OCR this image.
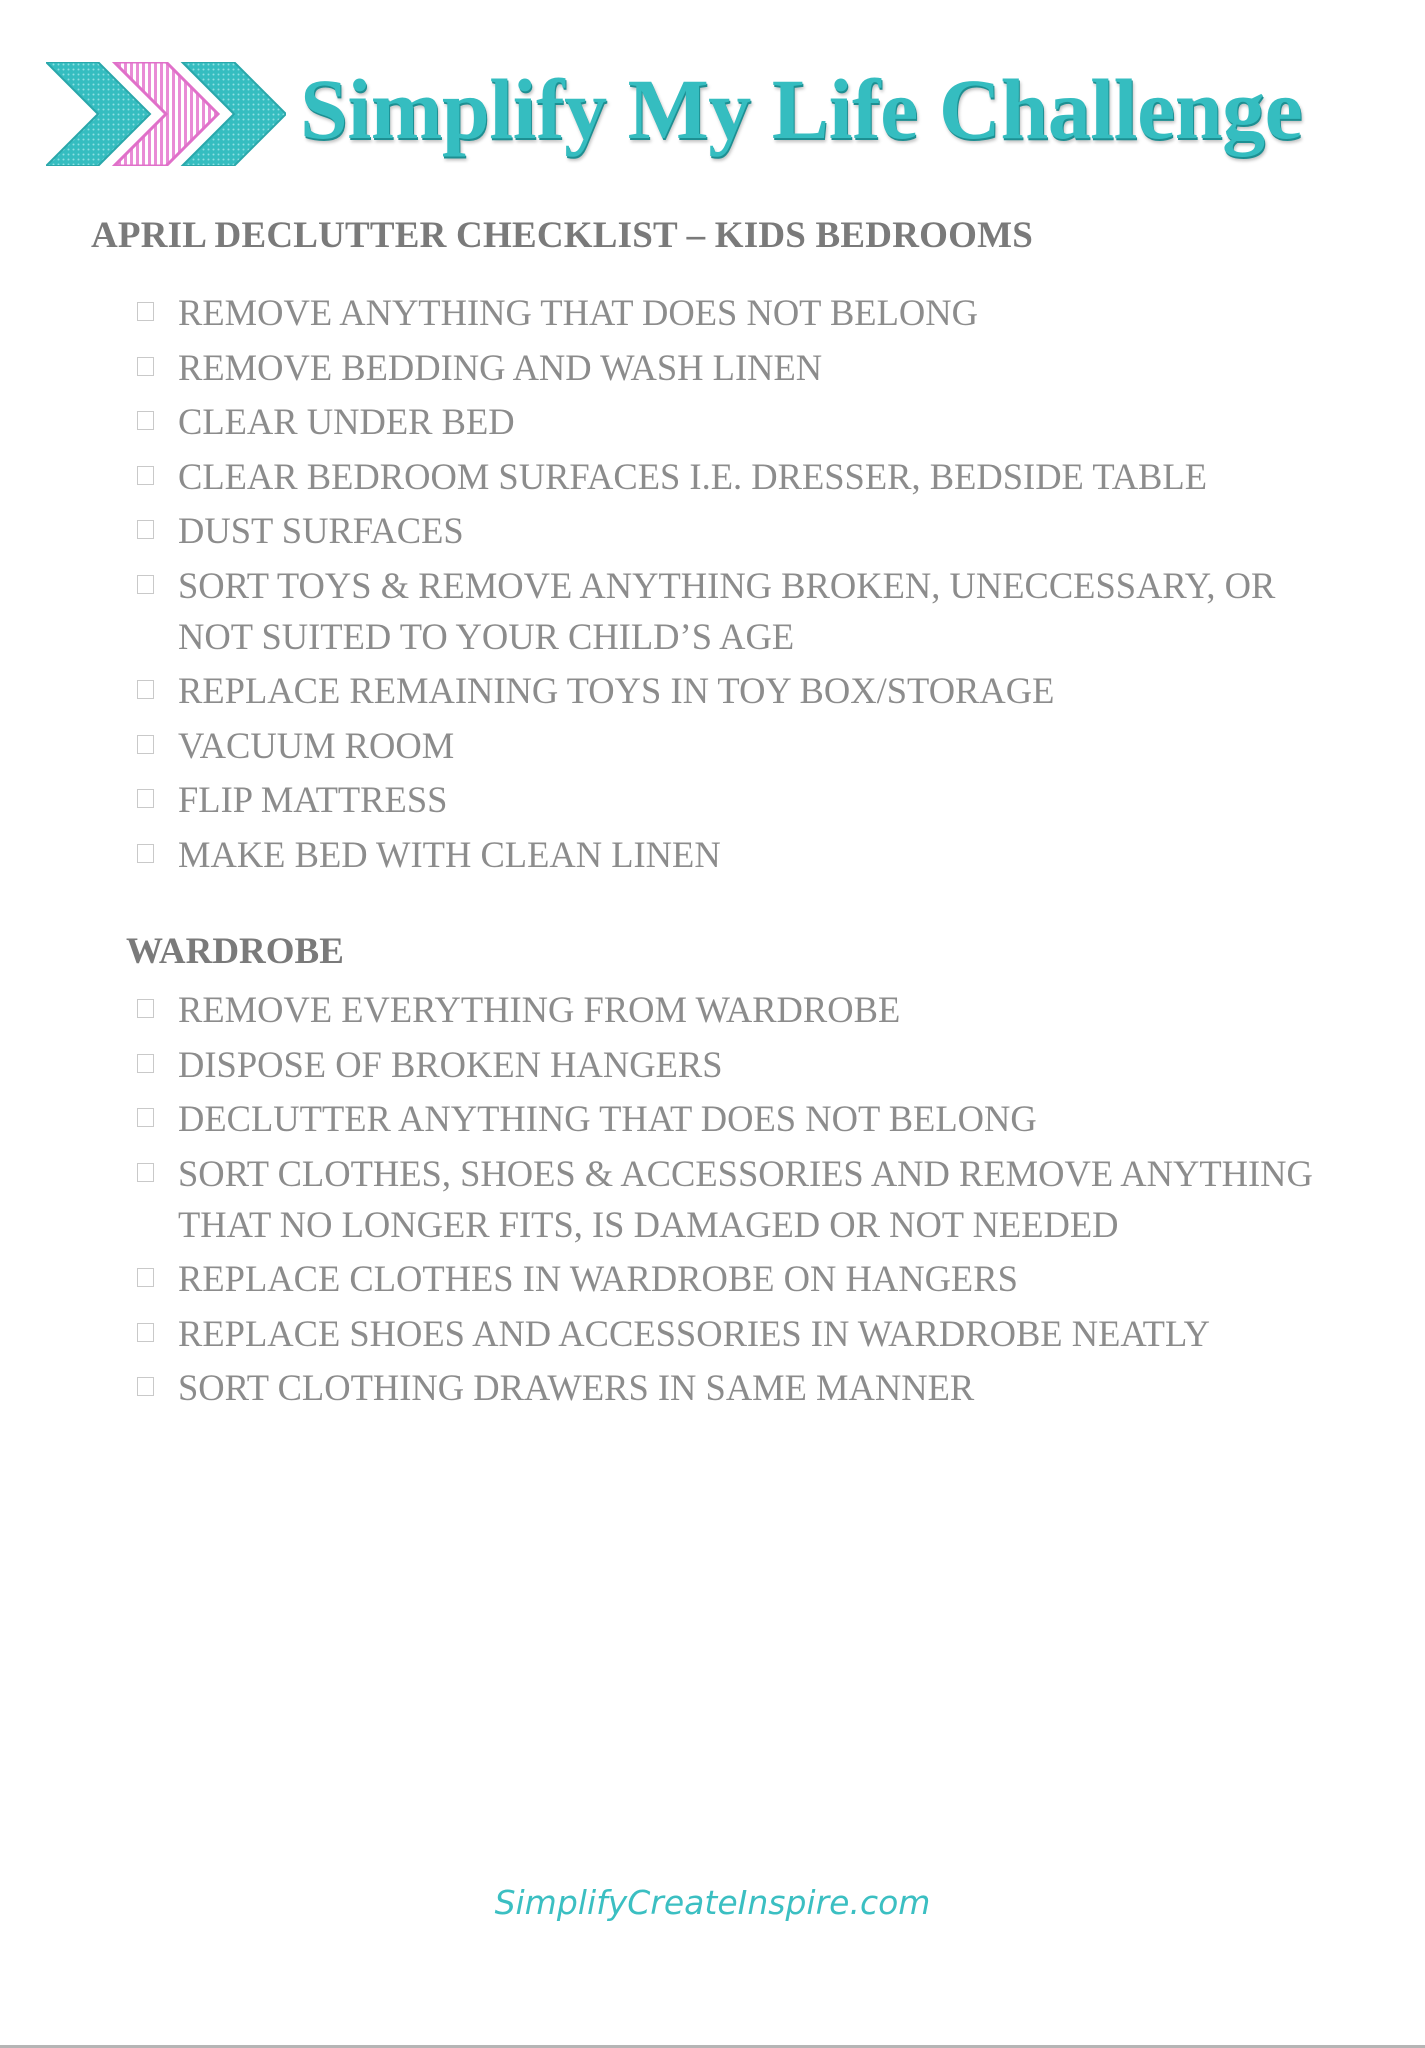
Simplify My Life Challenge
APRIL DECLUTTER CHECKLIST – KIDS BEDROOMS
REMOVE ANYTHING THAT DOES NOT BELONG
REMOVE BEDDING AND WASH LINEN
CLEAR UNDER BED
CLEAR BEDROOM SURFACES I.E. DRESSER, BEDSIDE TABLE
DUST SURFACES
SORT TOYS & REMOVE ANYTHING BROKEN, UNECCESSARY, OR NOT SUITED TO YOUR CHILD’S AGE
REPLACE REMAINING TOYS IN TOY BOX/STORAGE
VACUUM ROOM
FLIP MATTRESS
MAKE BED WITH CLEAN LINEN
WARDROBE
REMOVE EVERYTHING FROM WARDROBE
DISPOSE OF BROKEN HANGERS
DECLUTTER ANYTHING THAT DOES NOT BELONG
SORT CLOTHES, SHOES & ACCESSORIES AND REMOVE ANYTHING THAT NO LONGER FITS, IS DAMAGED OR NOT NEEDED
REPLACE CLOTHES IN WARDROBE ON HANGERS
REPLACE SHOES AND ACCESSORIES IN WARDROBE NEATLY
SORT CLOTHING DRAWERS IN SAME MANNER
SimplifyCreateInspire.com
